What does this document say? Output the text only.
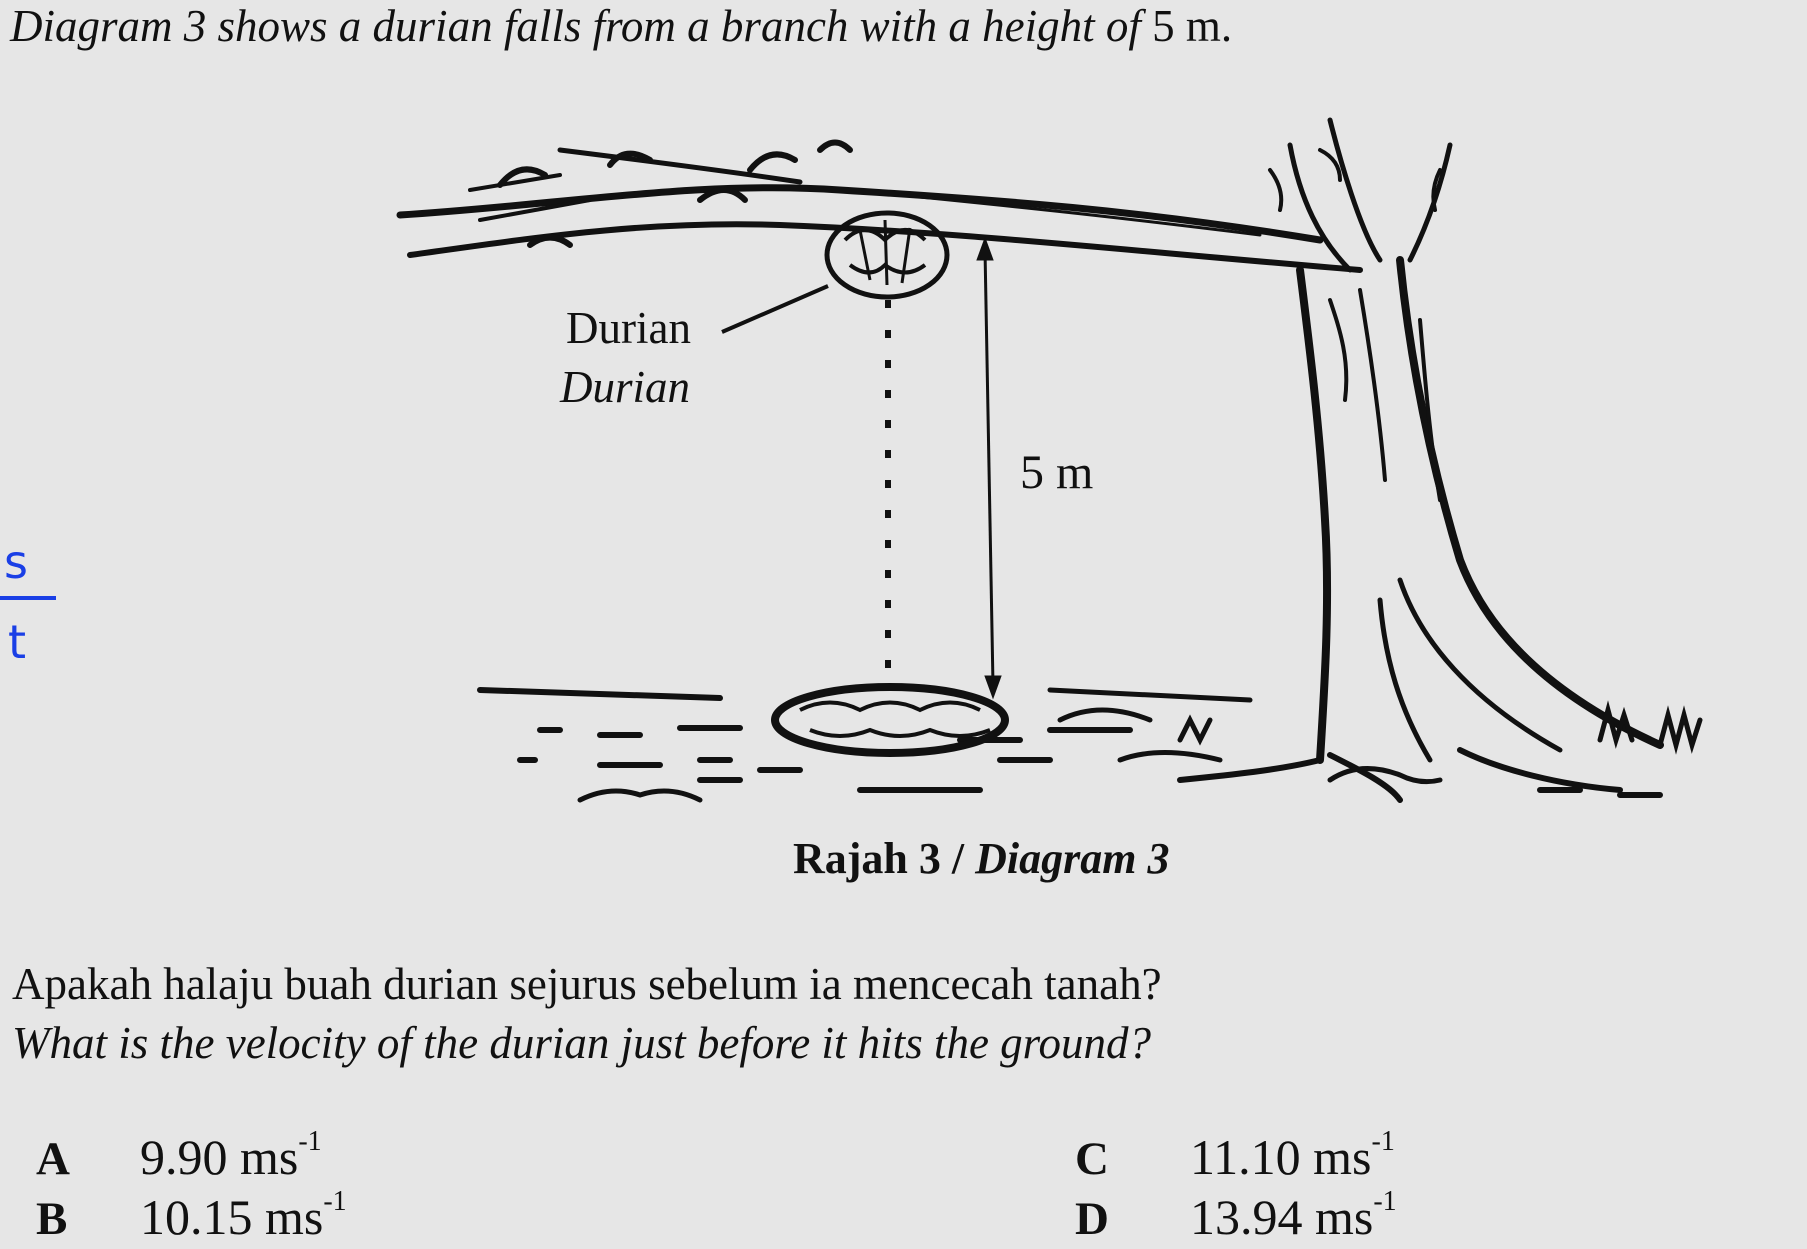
Diagram 3 shows a durian falls from a branch with a height of 5 m.
Durian
Durian
5 m
Rajah 3 / Diagram 3
s
t
Apakah halaju buah durian sejurus sebelum ia mencecah tanah?
What is the velocity of the durian just before it hits the ground?
A 9.90 $ms^{-1}$
B 10.15 $ms^{-1}$
C 11.10 $ms^{-1}$
D 13.94 $ms^{-1}$
